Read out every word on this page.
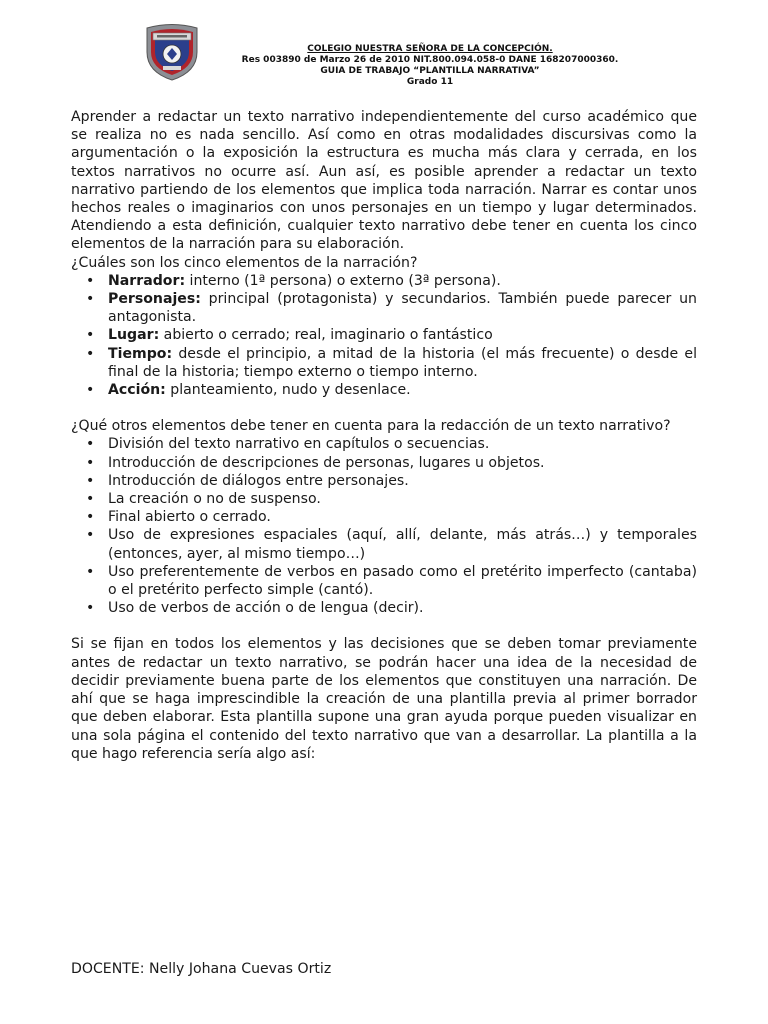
COLEGIO NUESTRA SEÑORA DE LA CONCEPCIÓN.
Res 003890 de Marzo 26 de 2010 NIT.800.094.058-0 DANE 168207000360.
GUIA DE TRABAJO “PLANTILLA NARRATIVA”
Grado 11

Aprender a redactar un texto narrativo independientemente del curso académico que se realiza no es nada sencillo. Así como en otras modalidades discursivas como la argumentación o la exposición la estructura es mucha más clara y cerrada, en los textos narrativos no ocurre así. Aun así, es posible aprender a redactar un texto narrativo partiendo de los elementos que implica toda narración. Narrar es contar unos hechos reales o imaginarios con unos personajes en un tiempo y lugar determinados. Atendiendo a esta definición, cualquier texto narrativo debe tener en cuenta los cinco elementos de la narración para su elaboración.

¿Cuáles son los cinco elementos de la narración?

• Narrador: interno (1ª persona) o externo (3ª persona).
• Personajes: principal (protagonista) y secundarios. También puede parecer un antagonista.
• Lugar: abierto o cerrado; real, imaginario o fantástico
• Tiempo: desde el principio, a mitad de la historia (el más frecuente) o desde el final de la historia; tiempo externo o tiempo interno.
• Acción: planteamiento, nudo y desenlace.

¿Qué otros elementos debe tener en cuenta para la redacción de un texto narrativo?

• División del texto narrativo en capítulos o secuencias.
• Introducción de descripciones de personas, lugares u objetos.
• Introducción de diálogos entre personajes.
• La creación o no de suspenso.
• Final abierto o cerrado.
• Uso de expresiones espaciales (aquí, allí, delante, más atrás…) y temporales (entonces, ayer, al mismo tiempo…)
• Uso preferentemente de verbos en pasado como el pretérito imperfecto (cantaba) o el pretérito perfecto simple (cantó).
• Uso de verbos de acción o de lengua (decir).

Si se fijan en todos los elementos y las decisiones que se deben tomar previamente antes de redactar un texto narrativo, se podrán hacer una idea de la necesidad de decidir previamente buena parte de los elementos que constituyen una narración. De ahí que se haga imprescindible la creación de una plantilla previa al primer borrador que deben elaborar. Esta plantilla supone una gran ayuda porque pueden visualizar en una sola página el contenido del texto narrativo que van a desarrollar. La plantilla a la que hago referencia sería algo así:

DOCENTE: Nelly Johana Cuevas Ortiz
